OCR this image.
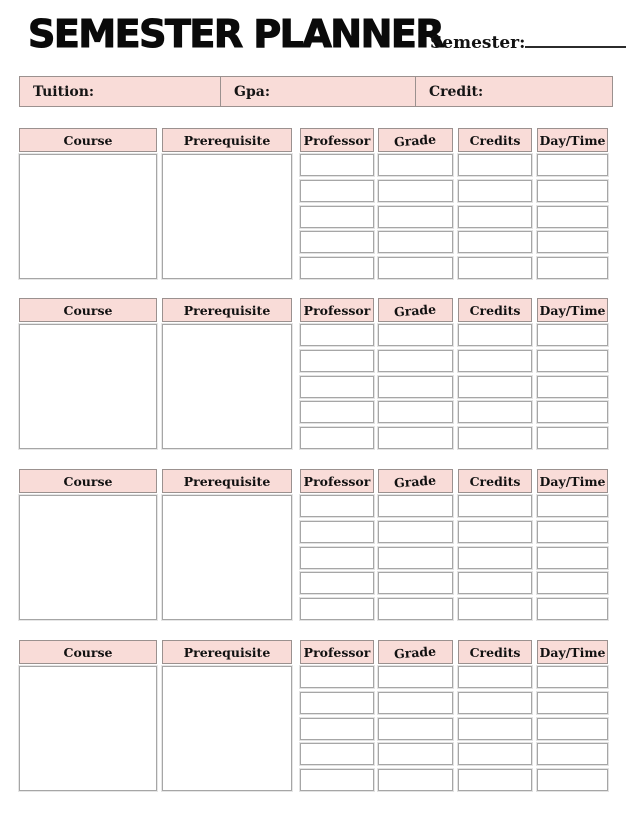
SEMESTER PLANNER
Semester:
Tuition:	Gpa:	Credit:
Course	Prerequisite	Professor Grade	Credits Day/Time
Course	Prerequisite	Professor Grade	Credits Day/Time
Course	Prerequisite	Professor Grade	Credits Day/Time
Course	Prerequisite	Professor Grade	Credits Day/Time
